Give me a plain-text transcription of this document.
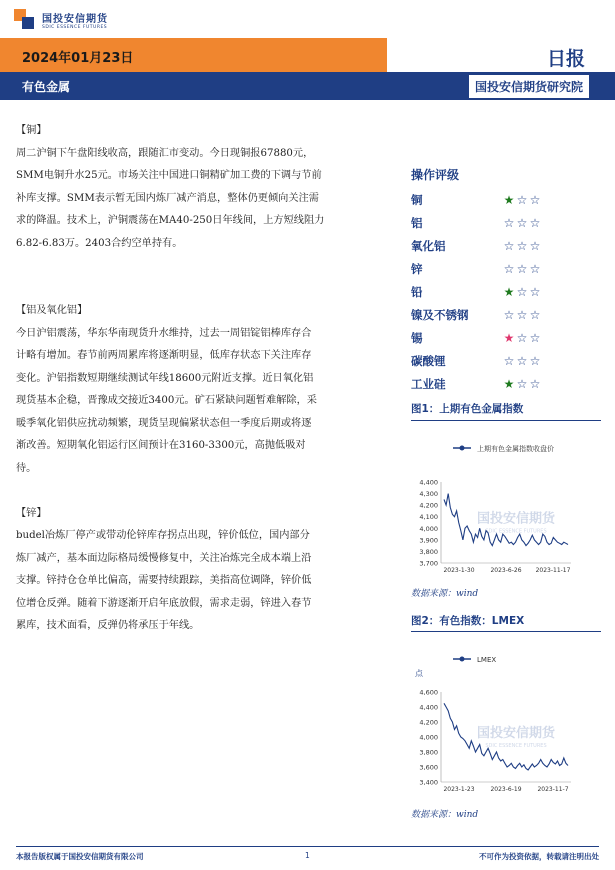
国投安信期货
SDIC ESSENCE FUTURES
2024年01月23日	日报
有色金属	国投安信期货研究院
【铜】
周二沪铜下午盘阳线收高，跟随汇市变动。今日现铜报67880元，
SMM电铜升水25元。市场关注中国进口铜精矿加工费的下调与节前
补库支撑。SMM表示暂无国内炼厂减产消息，整体仍更倾向关注需
求的降温。技术上，沪铜震荡在MA40-250日年线间，上方短线阻力
6.82-6.83万。2403合约空单持有。
【铝及氧化铝】
今日沪铝震荡，华东华南现货升水维持，过去一周铝锭铝棒库存合
计略有增加。春节前两周累库将逐渐明显，低库存状态下关注库存
变化。沪铝指数短期继续测试年线18600元附近支撑。近日氧化铝
现货基本企稳，晋豫成交接近3400元。矿石紧缺问题暂难解除，采
暖季氧化铝供应扰动频繁，现货呈现偏紧状态但一季度后期或将逐
渐改善。短期氧化铝运行区间预计在3160-3300元，高抛低吸对
待。
【锌】
budel冶炼厂停产或带动伦锌库存拐点出现，锌价低位，国内部分
炼厂减产，基本面边际格局缓慢修复中，关注冶炼完全成本端上沿
支撑。锌持仓仓单比偏高，需要持续跟踪，美指高位调降，锌价低
位增仓反弹。随着下游逐渐开启年底放假，需求走弱，锌进入春节
累库，技术面看，反弹仍将承压于年线。
操作评级
铜	★ ☆ ☆
铝	☆ ☆ ☆
氧化铝	☆ ☆ ☆
锌	☆ ☆ ☆
铅	★ ☆ ☆
镍及不锈钢	☆ ☆ ☆
锡	★ ☆ ☆
碳酸锂	☆ ☆ ☆
工业硅	★ ☆ ☆
图1：上期有色金属指数
上期有色金属指数收盘价
3,700
3,800
3,900
4,000
4,100
4,200
4,300
4,400
国投安信期货
SDIC ESSENCE FUTURES
2023-1-30	2023-6-26 2023-11-17
数据来源：wind
图2：有色指数：LMEX
LMEX
点
3,400
3,600
3,800
4,000
4,200
4,400
4,600
国投安信期货
SDIC ESSENCE FUTURES
2023-1-23	2023-6-19	2023-11-7
数据来源：wind
本报告版权属于国投安信期货有限公司	1	不可作为投资依据，转载请注明出处
